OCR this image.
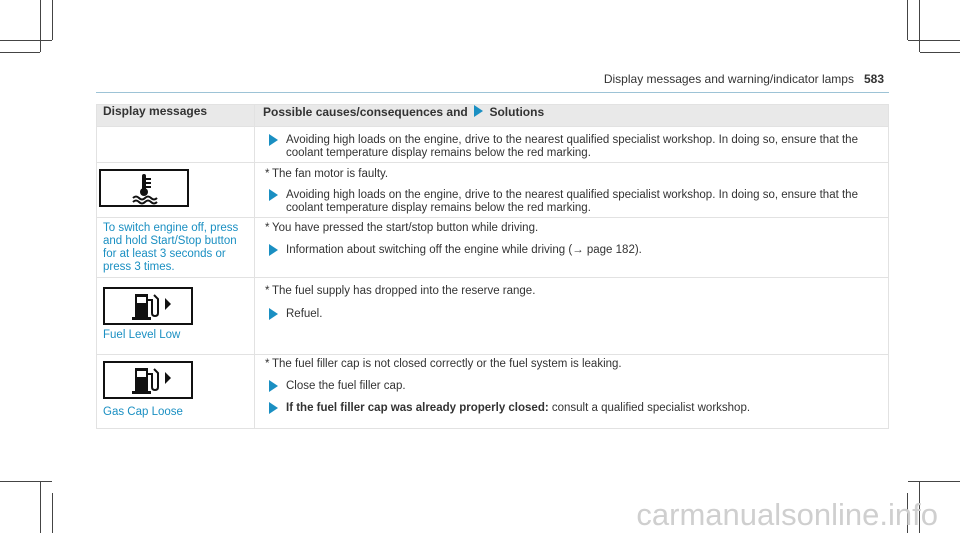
Display messages and warning/indicator lamps 583
Display messages	Possible causes/consequences and Solutions

Avoiding high loads on the engine, drive to the nearest qualified specialist workshop. In doing so, ensure that the coolant temperature display remains below the red marking.

* The fan motor is faulty.
Avoiding high loads on the engine, drive to the nearest qualified specialist workshop. In doing so, ensure that the coolant temperature display remains below the red marking.

To switch engine off, press and hold Start/Stop button for at least 3 seconds or press 3 times.	* You have pressed the start/stop button while driving.
Information about switching off the engine while driving (→ page 182).

Fuel Level Low	* The fuel supply has dropped into the reserve range.
Refuel.

Gas Cap Loose	* The fuel filler cap is not closed correctly or the fuel system is leaking.
Close the fuel filler cap.
If the fuel filler cap was already properly closed: consult a qualified specialist workshop.
carmanualsonline.info
